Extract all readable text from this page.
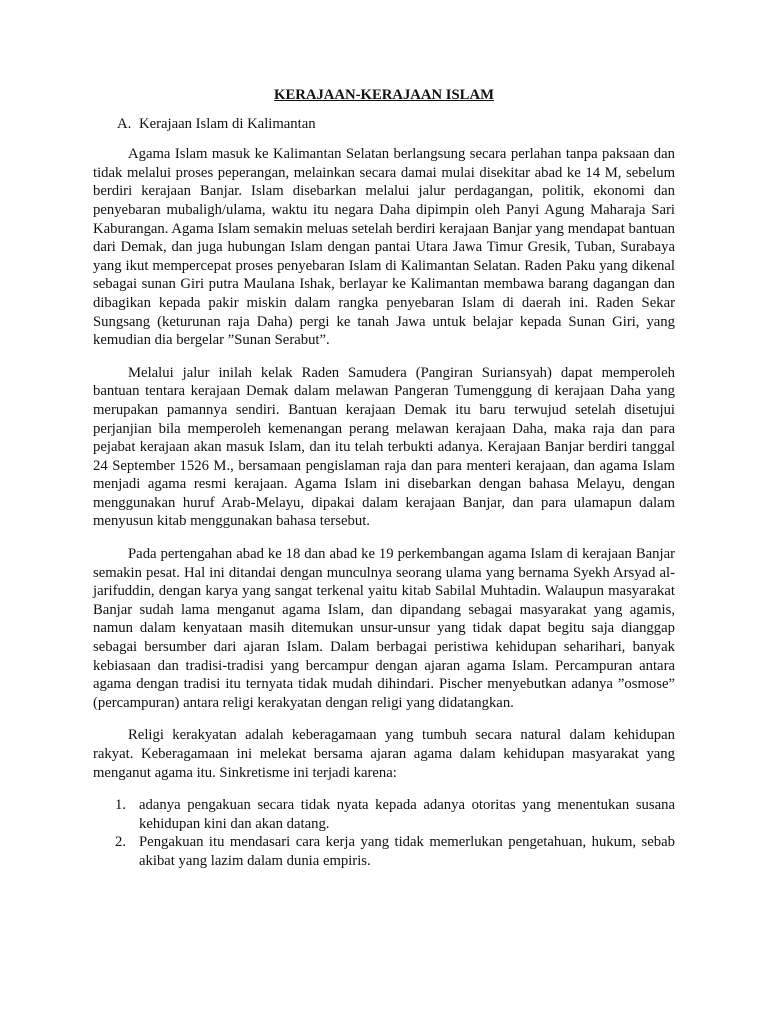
KERAJAAN-KERAJAAN ISLAM
A. Kerajaan Islam di Kalimantan

Agama Islam masuk ke Kalimantan Selatan berlangsung secara perlahan tanpa paksaan dan tidak melalui proses peperangan, melainkan secara damai mulai disekitar abad ke 14 M, sebelum berdiri kerajaan Banjar. Islam disebarkan melalui jalur perdagangan, politik, ekonomi dan penyebaran mubaligh/ulama, waktu itu negara Daha dipimpin oleh Panyi Agung Maharaja Sari Kaburangan. Agama Islam semakin meluas setelah berdiri kerajaan Banjar yang mendapat bantuan dari Demak, dan juga hubungan Islam dengan pantai Utara Jawa Timur Gresik, Tuban, Surabaya yang ikut mempercepat proses penyebaran Islam di Kalimantan Selatan. Raden Paku yang dikenal sebagai sunan Giri putra Maulana Ishak, berlayar ke Kalimantan membawa barang dagangan dan dibagikan kepada pakir miskin dalam rangka penyebaran Islam di daerah ini. Raden Sekar Sungsang (keturunan raja Daha) pergi ke tanah Jawa untuk belajar kepada Sunan Giri, yang kemudian dia bergelar ”Sunan Serabut”.

Melalui jalur inilah kelak Raden Samudera (Pangiran Suriansyah) dapat memperoleh bantuan tentara kerajaan Demak dalam melawan Pangeran Tumenggung di kerajaan Daha yang merupakan pamannya sendiri. Bantuan kerajaan Demak itu baru terwujud setelah disetujui perjanjian bila memperoleh kemenangan perang melawan kerajaan Daha, maka raja dan para pejabat kerajaan akan masuk Islam, dan itu telah terbukti adanya. Kerajaan Banjar berdiri tanggal 24 September 1526 M., bersamaan pengislaman raja dan para menteri kerajaan, dan agama Islam menjadi agama resmi kerajaan. Agama Islam ini disebarkan dengan bahasa Melayu, dengan menggunakan huruf Arab-Melayu, dipakai dalam kerajaan Banjar, dan para ulamapun dalam menyusun kitab menggunakan bahasa tersebut.

Pada pertengahan abad ke 18 dan abad ke 19 perkembangan agama Islam di kerajaan Banjar semakin pesat. Hal ini ditandai dengan munculnya seorang ulama yang bernama Syekh Arsyad al-jarifuddin, dengan karya yang sangat terkenal yaitu kitab Sabilal Muhtadin. Walaupun masyarakat Banjar sudah lama menganut agama Islam, dan dipandang sebagai masyarakat yang agamis, namun dalam kenyataan masih ditemukan unsur-unsur yang tidak dapat begitu saja dianggap sebagai bersumber dari ajaran Islam. Dalam berbagai peristiwa kehidupan seharihari, banyak kebiasaan dan tradisi-tradisi yang bercampur dengan ajaran agama Islam. Percampuran antara agama dengan tradisi itu ternyata tidak mudah dihindari. Pischer menyebutkan adanya ”osmose” (percampuran) antara religi kerakyatan dengan religi yang didatangkan.

Religi kerakyatan adalah keberagamaan yang tumbuh secara natural dalam kehidupan rakyat. Keberagamaan ini melekat bersama ajaran agama dalam kehidupan masyarakat yang menganut agama itu. Sinkretisme ini terjadi karena:

1. adanya pengakuan secara tidak nyata kepada adanya otoritas yang menentukan susana kehidupan kini dan akan datang.
2. Pengakuan itu mendasari cara kerja yang tidak memerlukan pengetahuan, hukum, sebab akibat yang lazim dalam dunia empiris.
